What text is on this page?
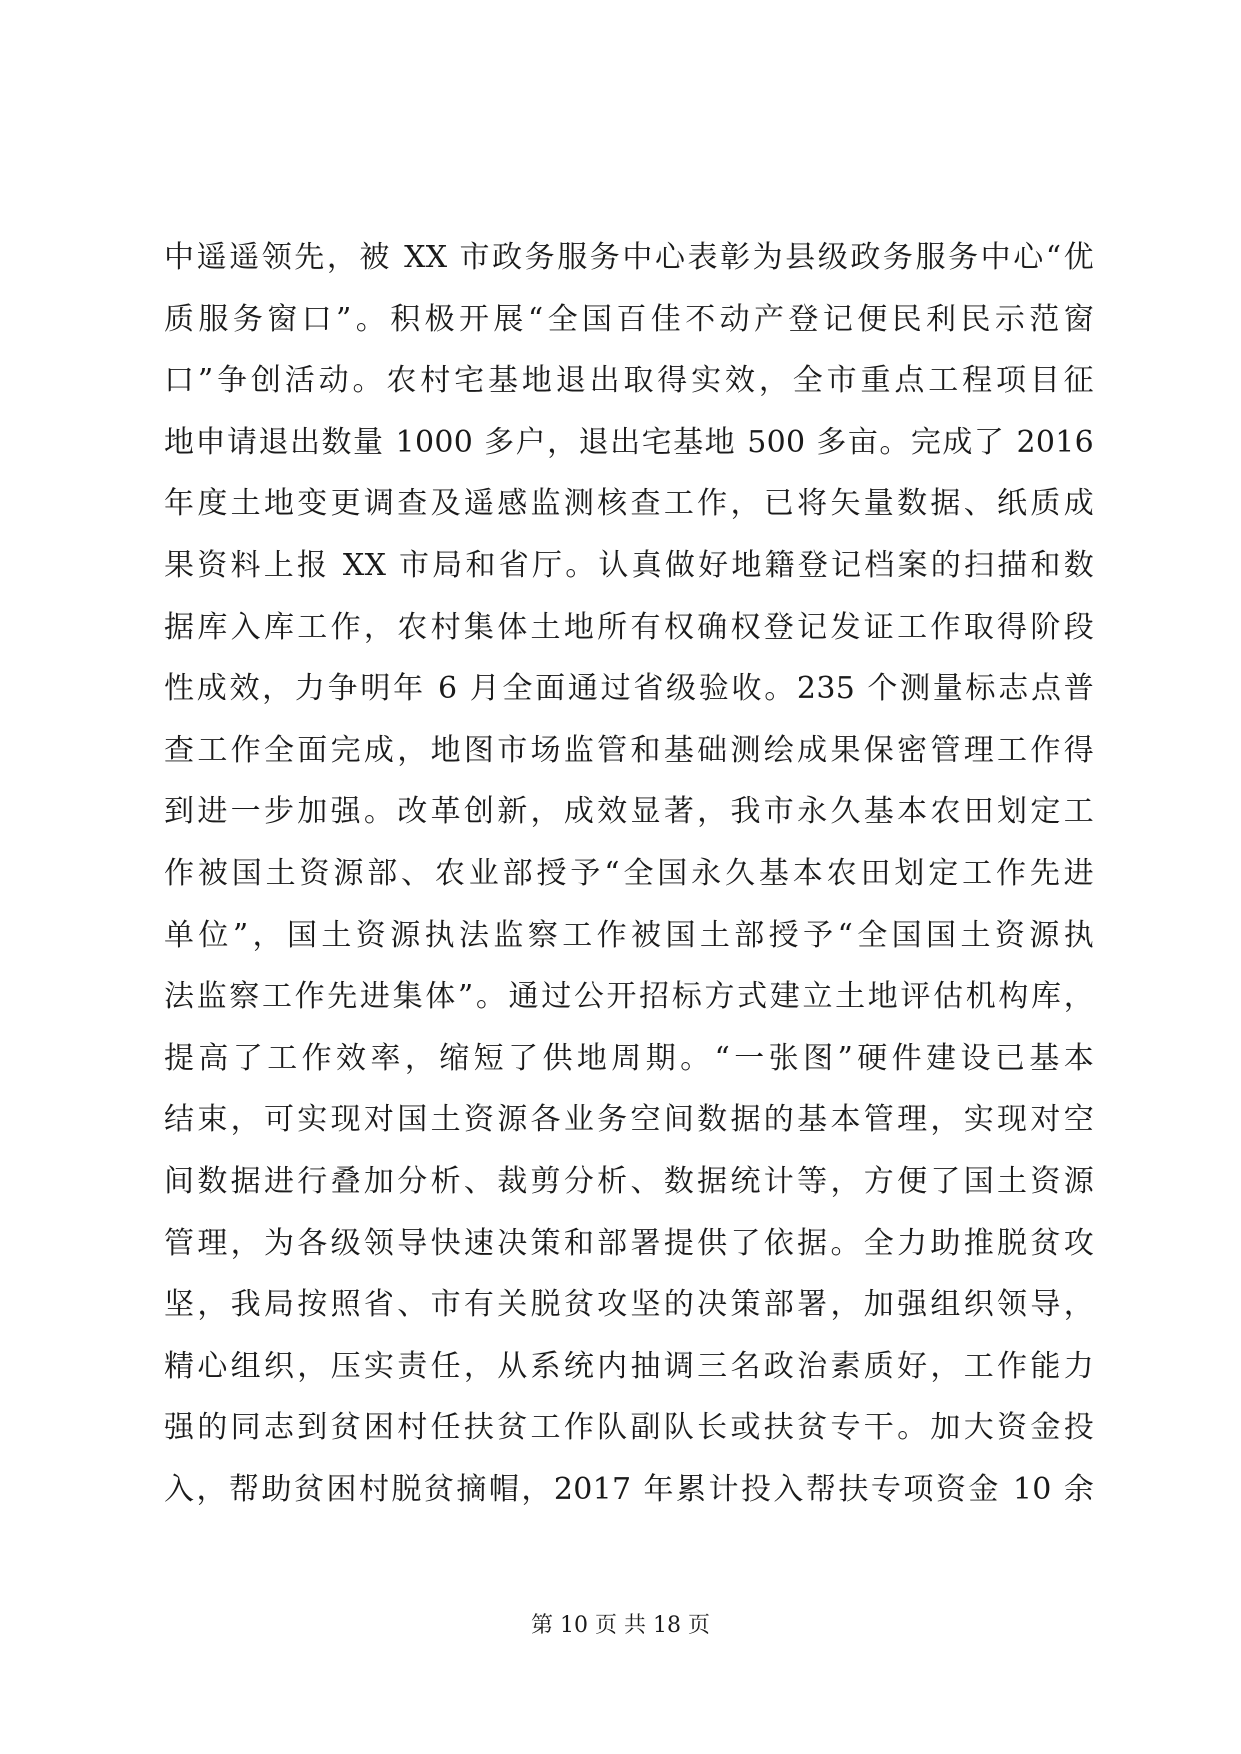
中遥遥领先，被 XX 市政务服务中心表彰为县级政务服务中心“优
质服务窗口”。积极开展“全国百佳不动产登记便民利民示范窗
口”争创活动。农村宅基地退出取得实效，全市重点工程项目征
地申请退出数量 1000 多户，退出宅基地 500 多亩。完成了 2016
年度土地变更调查及遥感监测核查工作，已将矢量数据、纸质成
果资料上报 XX 市局和省厅。认真做好地籍登记档案的扫描和数
据库入库工作，农村集体土地所有权确权登记发证工作取得阶段
性成效，力争明年 6 月全面通过省级验收。235 个测量标志点普
查工作全面完成，地图市场监管和基础测绘成果保密管理工作得
到进一步加强。改革创新，成效显著，我市永久基本农田划定工
作被国土资源部、农业部授予“全国永久基本农田划定工作先进
单位”，国土资源执法监察工作被国土部授予“全国国土资源执
法监察工作先进集体”。通过公开招标方式建立土地评估机构库，
提高了工作效率，缩短了供地周期。“一张图”硬件建设已基本
结束，可实现对国土资源各业务空间数据的基本管理，实现对空
间数据进行叠加分析、裁剪分析、数据统计等，方便了国土资源
管理，为各级领导快速决策和部署提供了依据。全力助推脱贫攻
坚，我局按照省、市有关脱贫攻坚的决策部署，加强组织领导，
精心组织，压实责任，从系统内抽调三名政治素质好，工作能力
强的同志到贫困村任扶贫工作队副队长或扶贫专干。加大资金投
入，帮助贫困村脱贫摘帽，2017 年累计投入帮扶专项资金 10 余
第 10 页 共 18 页
